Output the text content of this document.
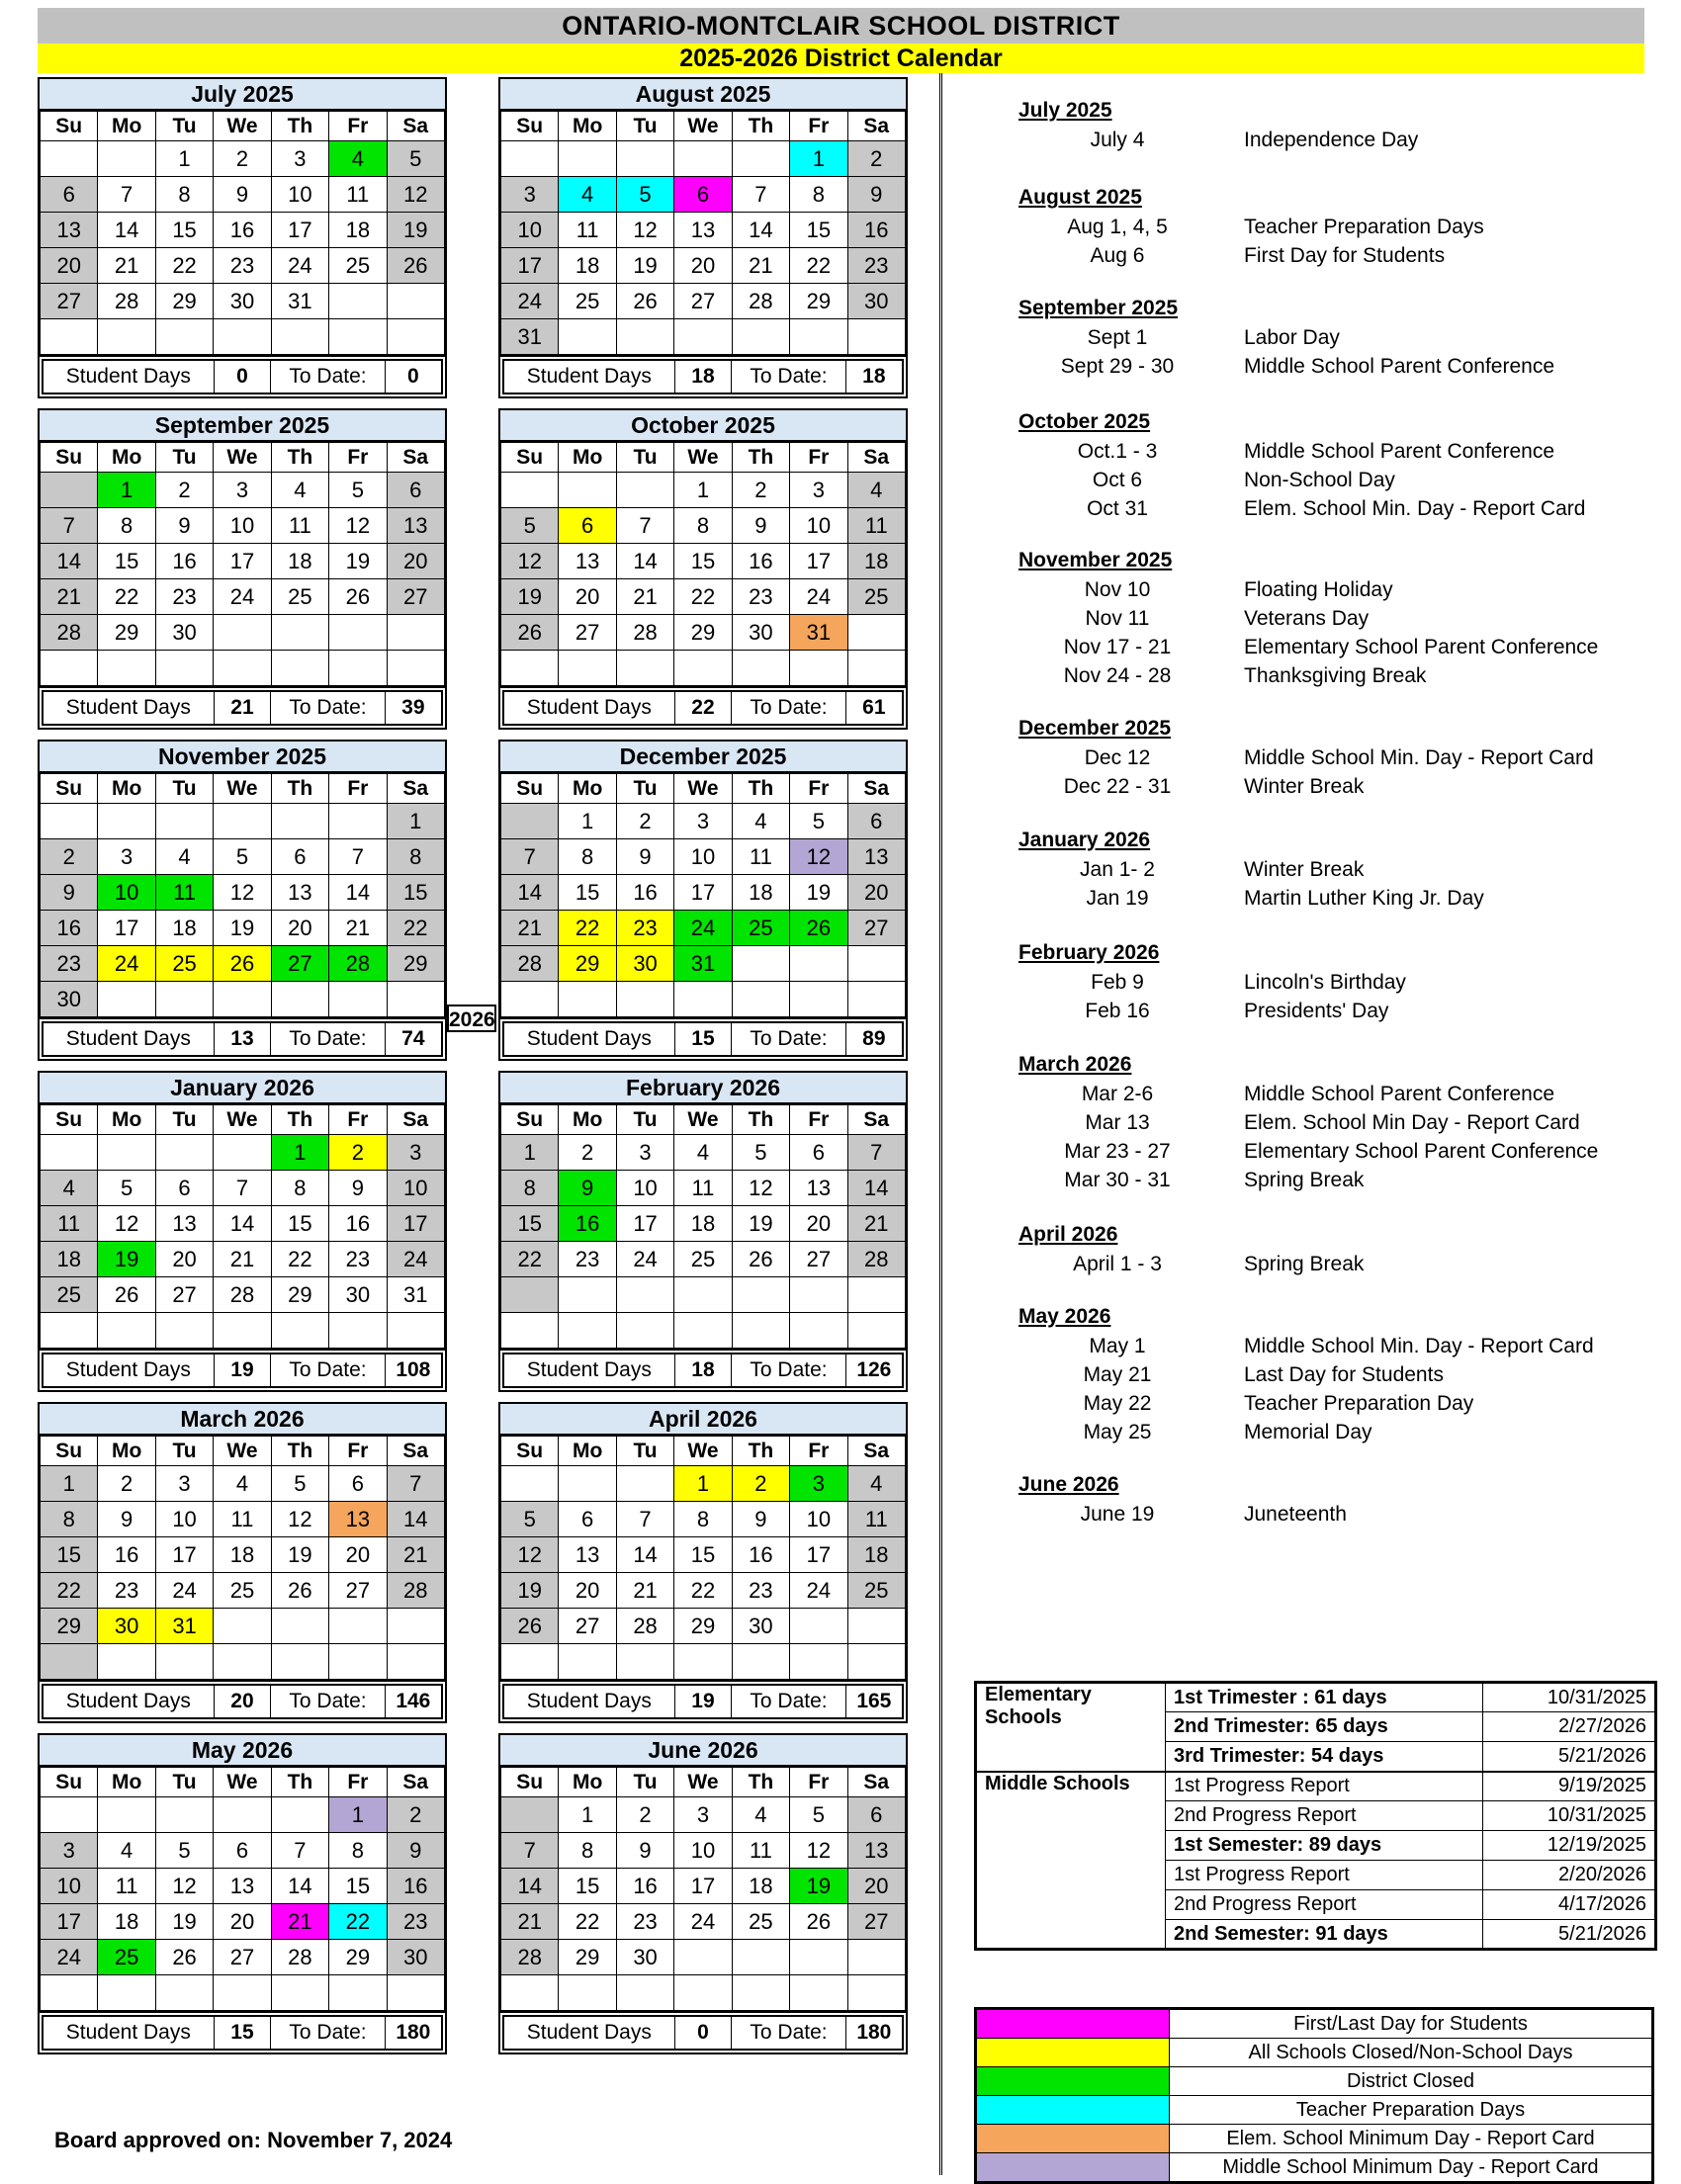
ONTARIO-MONTCLAIR SCHOOL DISTRICT
2025-2026 District Calendar
July 2025
Su	Mo	Tu	We	Th	Fr	Sa
		1	2	3	4	5
6	7	8	9	10	11	12
13	14	15	16	17	18	19
20	21	22	23	24	25	26
27	28	29	30	31		

Student Days	0	To Date:	0
August 2025
Su	Mo	Tu	We	Th	Fr	Sa
					1	2
3	4	5	6	7	8	9
10	11	12	13	14	15	16
17	18	19	20	21	22	23
24	25	26	27	28	29	30
31						
Student Days	18	To Date:	18
September 2025
Su	Mo	Tu	We	Th	Fr	Sa
	1	2	3	4	5	6
7	8	9	10	11	12	13
14	15	16	17	18	19	20
21	22	23	24	25	26	27
28	29	30				

Student Days	21	To Date:	39
October 2025
Su	Mo	Tu	We	Th	Fr	Sa
			1	2	3	4
5	6	7	8	9	10	11
12	13	14	15	16	17	18
19	20	21	22	23	24	25
26	27	28	29	30	31	

Student Days	22	To Date:	61
November 2025
Su	Mo	Tu	We	Th	Fr	Sa
						1
2	3	4	5	6	7	8
9	10	11	12	13	14	15
16	17	18	19	20	21	22
23	24	25	26	27	28	29
30						
Student Days	13	To Date:	74
December 2025
Su	Mo	Tu	We	Th	Fr	Sa
	1	2	3	4	5	6
7	8	9	10	11	12	13
14	15	16	17	18	19	20
21	22	23	24	25	26	27
28	29	30	31			

Student Days	15	To Date:	89
January 2026
Su	Mo	Tu	We	Th	Fr	Sa
				1	2	3
4	5	6	7	8	9	10
11	12	13	14	15	16	17
18	19	20	21	22	23	24
25	26	27	28	29	30	31

Student Days	19	To Date:	108
February 2026
Su	Mo	Tu	We	Th	Fr	Sa
1	2	3	4	5	6	7
8	9	10	11	12	13	14
15	16	17	18	19	20	21
22	23	24	25	26	27	28

Student Days	18	To Date:	126
March 2026
Su	Mo	Tu	We	Th	Fr	Sa
1	2	3	4	5	6	7
8	9	10	11	12	13	14
15	16	17	18	19	20	21
22	23	24	25	26	27	28
29	30	31				

Student Days	20	To Date:	146
April 2026
Su	Mo	Tu	We	Th	Fr	Sa
			1	2	3	4
5	6	7	8	9	10	11
12	13	14	15	16	17	18
19	20	21	22	23	24	25
26	27	28	29	30		

Student Days	19	To Date:	165
May 2026
Su	Mo	Tu	We	Th	Fr	Sa
					1	2
3	4	5	6	7	8	9
10	11	12	13	14	15	16
17	18	19	20	21	22	23
24	25	26	27	28	29	30

Student Days	15	To Date:	180
June 2026
Su	Mo	Tu	We	Th	Fr	Sa
	1	2	3	4	5	6
7	8	9	10	11	12	13
14	15	16	17	18	19	20
21	22	23	24	25	26	27
28	29	30				

Student Days	0	To Date:	180
2026
July 2025
July 4	Independence Day
August 2025
Aug 1, 4, 5	Teacher Preparation Days
Aug 6	First Day for Students
September 2025
Sept 1	Labor Day
Sept 29 - 30	Middle School Parent Conference
October 2025
Oct.1 - 3	Middle School Parent Conference
Oct 6	Non-School Day
Oct 31	Elem. School Min. Day - Report Card
November 2025
Nov 10	Floating Holiday
Nov 11	Veterans Day
Nov 17 - 21	Elementary School Parent Conference
Nov 24 - 28	Thanksgiving Break
December 2025
Dec 12	Middle School Min. Day - Report Card
Dec 22 - 31	Winter Break
January 2026
Jan 1- 2	Winter Break
Jan 19	Martin Luther King Jr. Day
February 2026
Feb 9	Lincoln's Birthday
Feb 16	Presidents' Day
March 2026
Mar 2-6	Middle School Parent Conference
Mar 13	Elem. School Min Day - Report Card
Mar 23 - 27	Elementary School Parent Conference
Mar 30 - 31	Spring Break
April 2026
April 1 - 3	Spring Break
May 2026
May 1	Middle School Min. Day - Report Card
May 21	Last Day for Students
May 22	Teacher Preparation Day
May 25	Memorial Day
June 2026
June 19	Juneteenth
Elementary Schools	1st Trimester : 61 days	10/31/2025
	2nd Trimester: 65 days	2/27/2026
	3rd Trimester: 54 days	5/21/2026
Middle Schools	1st Progress Report	9/19/2025
	2nd Progress Report	10/31/2025
	1st Semester: 89 days	12/19/2025
	1st Progress Report	2/20/2026
	2nd Progress Report	4/17/2026
	2nd Semester: 91 days	5/21/2026
	First/Last Day for Students
	All Schools Closed/Non-School Days
	District Closed
	Teacher Preparation Days
	Elem. School Minimum Day - Report Card
	Middle School Minimum Day - Report Card
Board approved on: November 7, 2024
